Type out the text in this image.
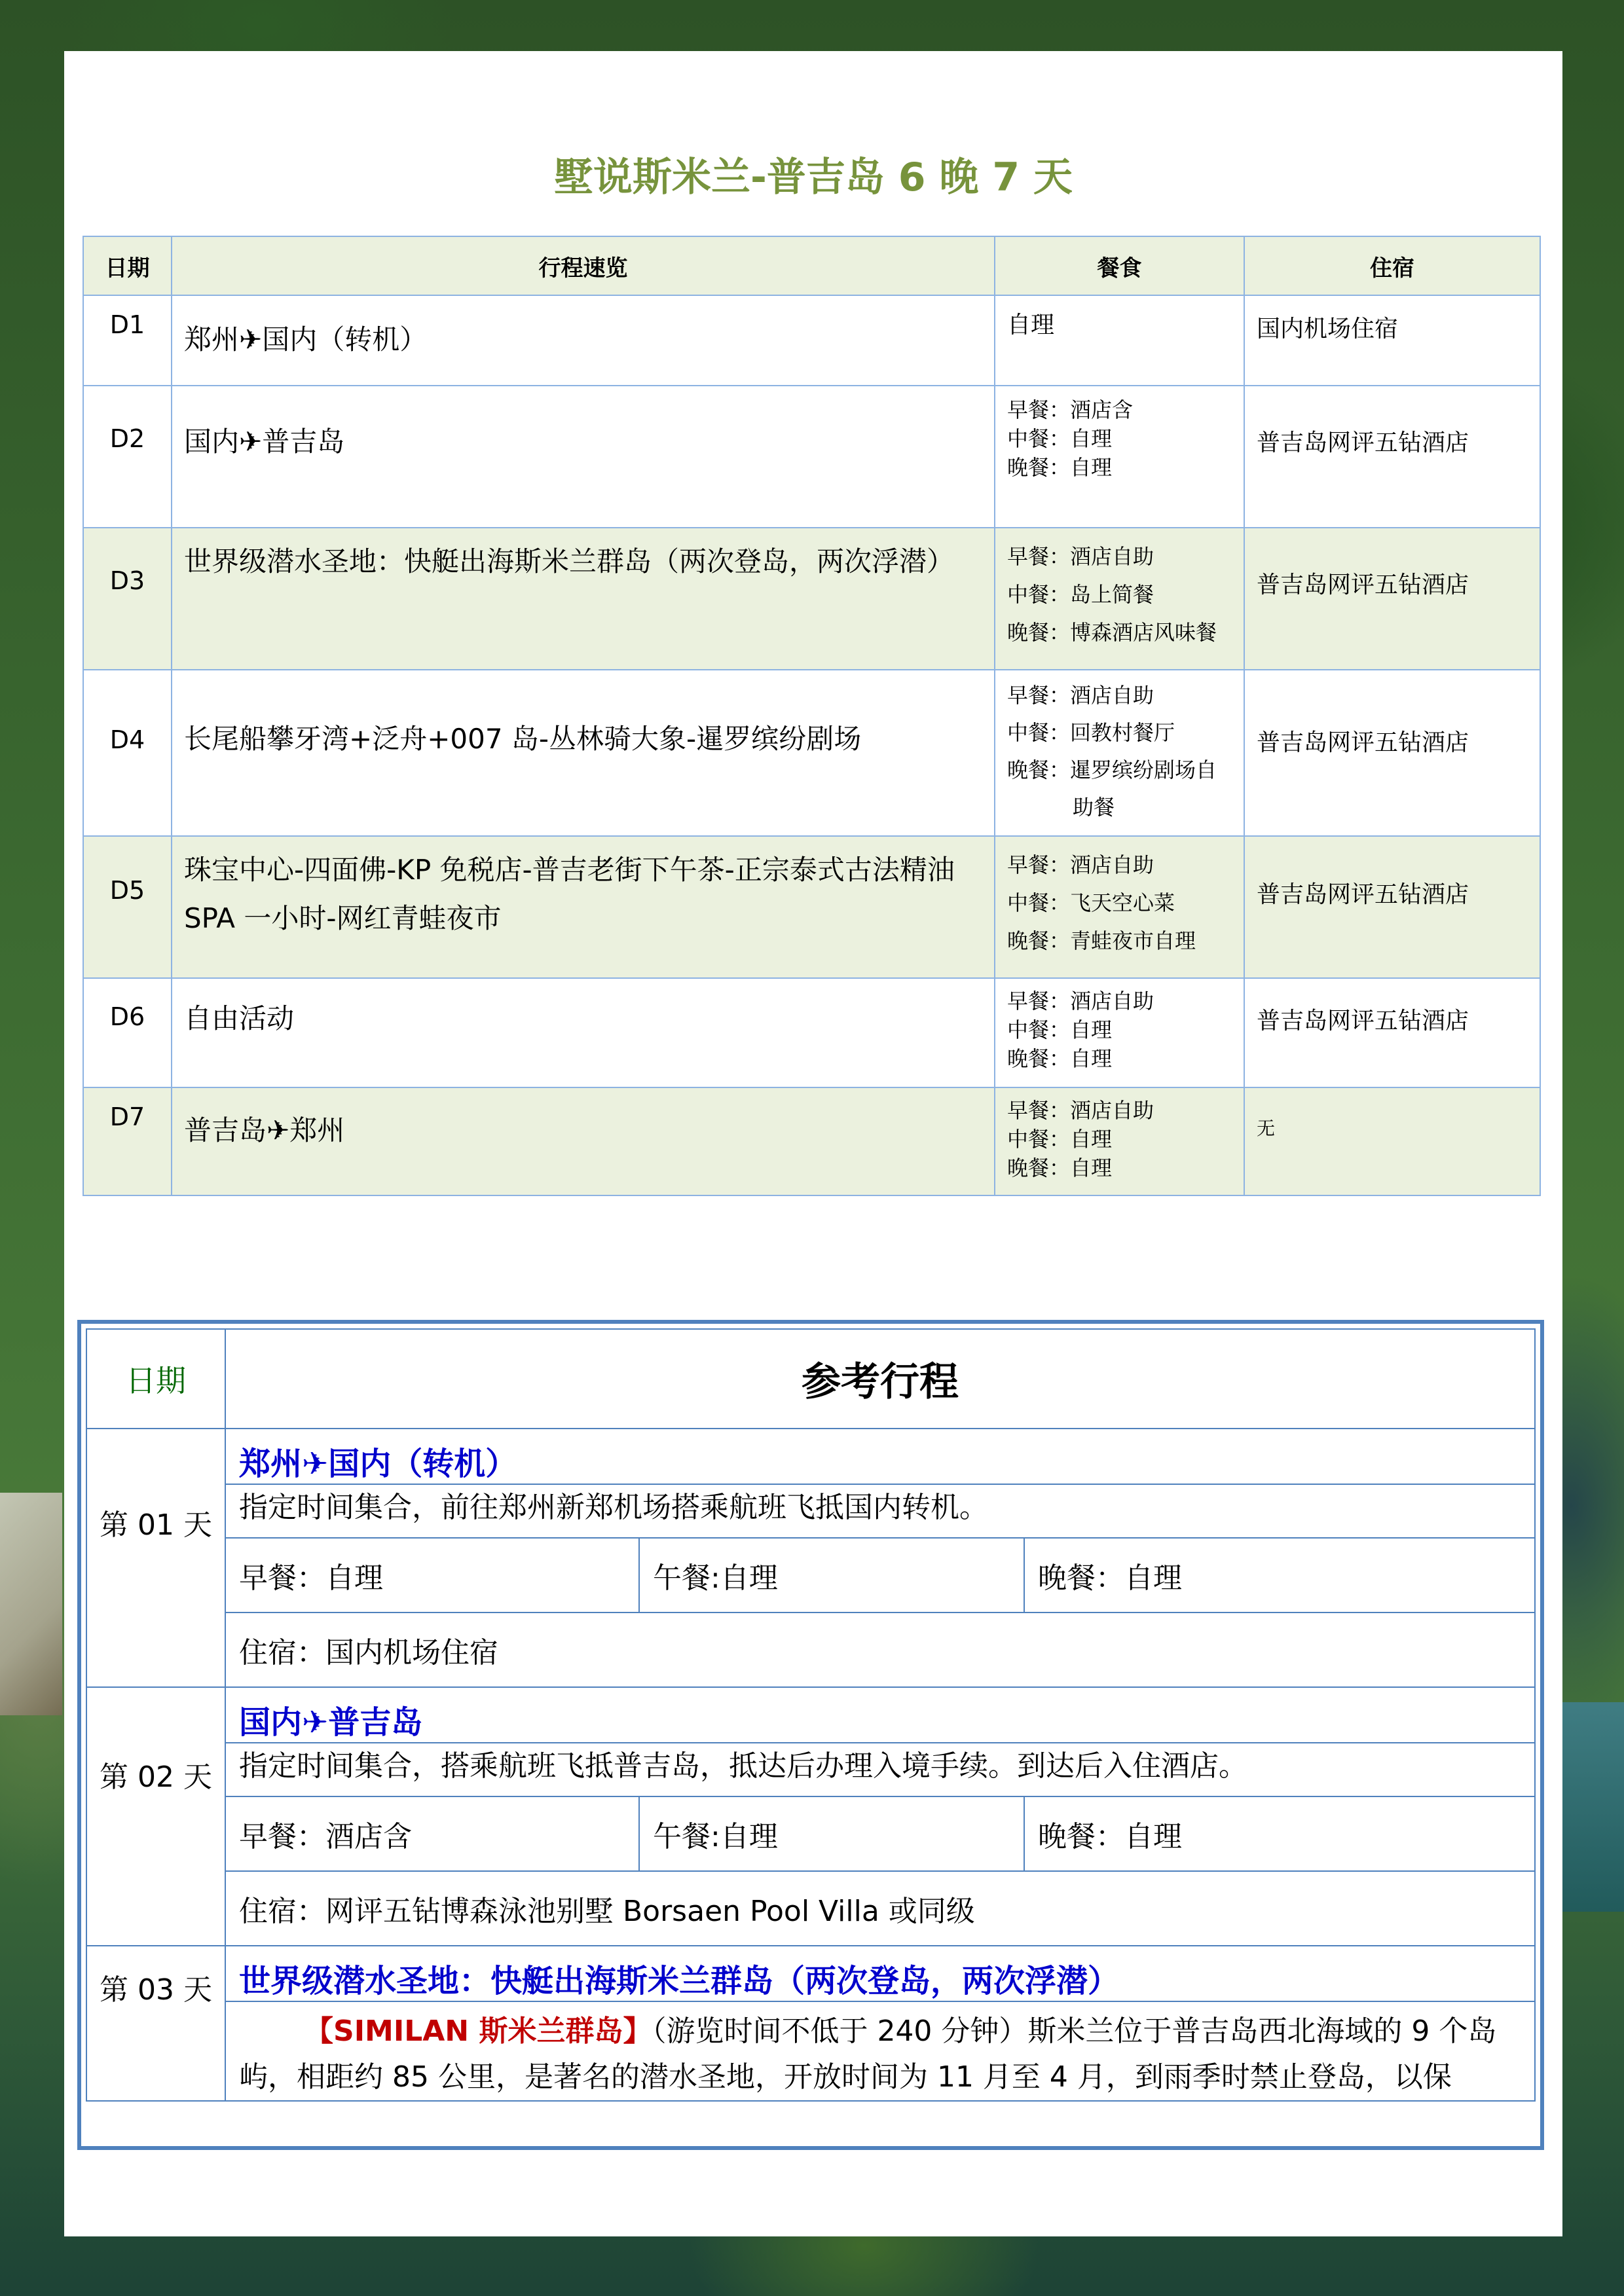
墅说斯米兰-普吉岛 6 晚 7 天
日期	行程速览	餐食	住宿
D1	郑州✈国内（转机）	自理	国内机场住宿
D2	国内✈普吉岛	早餐：酒店含
中餐：自理
晚餐：自理	普吉岛网评五钻酒店
D3	世界级潜水圣地：快艇出海斯米兰群岛（两次登岛，两次浮潜）	早餐：酒店自助
中餐：岛上简餐
晚餐：博森酒店风味餐	普吉岛网评五钻酒店
D4	长尾船攀牙湾+泛舟+007 岛-丛林骑大象-暹罗缤纷剧场	早餐：酒店自助
中餐：回教村餐厅
晚餐：暹罗缤纷剧场自助餐	普吉岛网评五钻酒店
D5	珠宝中心-四面佛-KP 免税店-普吉老街下午茶-正宗泰式古法精油 SPA 一小时-网红青蛙夜市	早餐：酒店自助
中餐：飞天空心菜
晚餐：青蛙夜市自理	普吉岛网评五钻酒店
D6	自由活动	早餐：酒店自助
中餐：自理
晚餐：自理	普吉岛网评五钻酒店
D7	普吉岛✈郑州	早餐：酒店自助
中餐：自理
晚餐：自理	无
日期	参考行程		
第 01 天	郑州✈国内（转机）		
	指定时间集合，前往郑州新郑机场搭乘航班飞抵国内转机。		
	早餐：自理	午餐:自理	晚餐：自理
	住宿：国内机场住宿		
第 02 天	国内✈普吉岛		
	指定时间集合，搭乘航班飞抵普吉岛，抵达后办理入境手续。到达后入住酒店。		
	早餐：酒店含	午餐:自理	晚餐：自理
	住宿：网评五钻博森泳池别墅 Borsaen Pool Villa 或同级		
第 03 天	世界级潜水圣地：快艇出海斯米兰群岛（两次登岛，两次浮潜）		
	【SIMILAN 斯米兰群岛】（游览时间不低于 240 分钟）斯米兰位于普吉岛西北海域的 9 个岛屿，相距约 85 公里，是著名的潜水圣地，开放时间为 11 月至 4 月，到雨季时禁止登岛，以保		
